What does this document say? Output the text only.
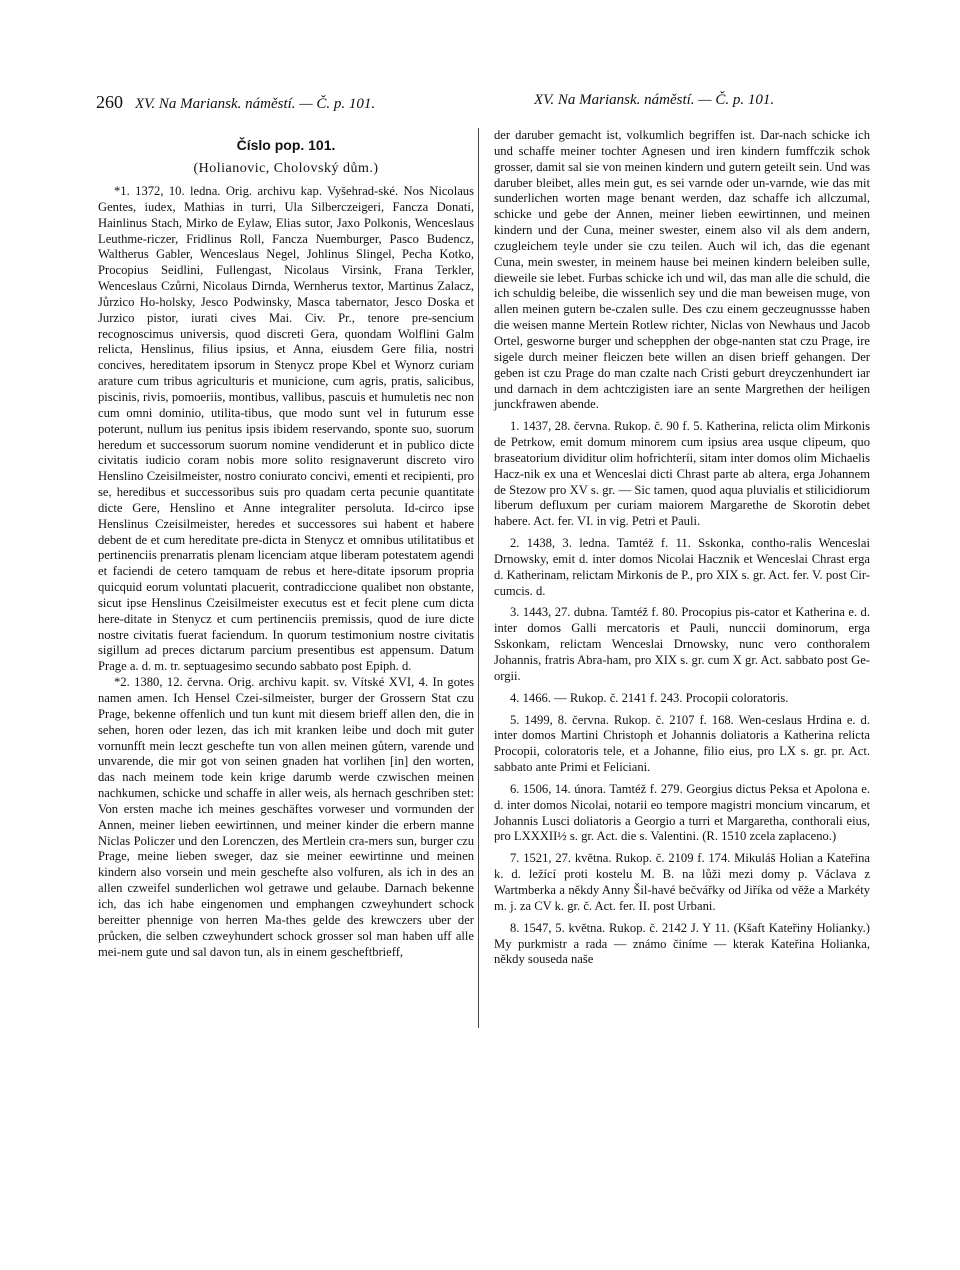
260 XV. Na Mariansk. náměstí. — Č. p. 101.	XV. Na Mariansk. náměstí. — Č. p. 101.
Číslo pop. 101.
(Holianovic, Cholovský dům.)

*1. 1372, 10. ledna. Orig. archivu kap. Vyšehrad-ské. Nos Nicolaus Gentes, iudex, Mathias in turri, Ula Silberczeigeri, Fancza Donati, Hainlinus Stach, Mirko de Eylaw, Elias sutor, Jaxo Polkonis, Wenceslaus Leuthme-riczer, Fridlinus Roll, Fancza Nuemburger, Pasco Budencz, Waltherus Gabler, Wenceslaus Negel, Johlinus Slingel, Pecha Kotko, Procopius Seidlini, Fullengast, Nicolaus Virsink, Frana Terkler, Wenceslaus Czůrni, Nicolaus Dirnda, Wernherus textor, Martinus Zalacz, Jůrzico Ho-holsky, Jesco Podwinsky, Masca tabernator, Jesco Doska et Jurzico pistor, iurati cives Mai. Civ. Pr., tenore pre-sencium recognoscimus universis, quod discreti Gera, quondam Wolflini Galm relicta, Henslinus, filius ipsius, et Anna, eiusdem Gere filia, nostri concives, hereditatem ipsorum in Stenycz prope Kbel et Wynorz curiam arature cum tribus agriculturis et municione, cum agris, pratis, salicibus, piscinis, rivis, pomoeriis, montibus, vallibus, pascuis et humuletis nec non cum omni dominio, utilita-tibus, que modo sunt vel in futurum esse poterunt, nullum ius penitus ipsis ibidem reservando, sponte suo, suorum heredum et successorum suorum nomine vendiderunt et in publico dicte civitatis iudicio coram nobis more solito resignaverunt discreto viro Henslino Czeisilmeister, nostro coniurato concivi, ementi et recipienti, pro se, heredibus et successoribus suis pro quadam certa pecunie quantitate dicte Gere, Henslino et Anne integraliter persoluta. Id-circo ipse Henslinus Czeisilmeister, heredes et successores sui habent et habere debent de et cum hereditate pre-dicta in Stenycz et omnibus utilitatibus et pertinenciis prenarratis plenam licenciam atque liberam potestatem agendi et faciendi de cetero tamquam de rebus et here-ditate ipsorum propria quicquid eorum voluntati placuerit, contradiccione qualibet non obstante, sicut ipse Henslinus Czeisilmeister executus est et fecit plene cum dicta here-ditate in Stenycz et cum pertinenciis premissis, quod de iure dicte nostre civitatis fuerat faciendum. In quorum testimonium nostre civitatis sigillum ad preces dictarum parcium presentibus est appensum. Datum Prage a. d. m. tr. septuagesimo secundo sabbato post Epiph. d.

*2. 1380, 12. června. Orig. archivu kapit. sv. Vítské XVI, 4. In gotes namen amen. Ich Hensel Czei-silmeister, burger der Grossern Stat czu Prage, bekenne offenlich und tun kunt mit diesem brieff allen den, die in sehen, horen oder lezen, das ich mit kranken leibe und doch mit guter vornunfft mein leczt geschefte tun von allen meinen gůtern, varende und unvarende, die mir got von seinen gnaden hat vorlihen [in] den worten, das nach meinem tode kein krige darumb werde czwischen meinen nachkumen, schicke und schaffe in aller weis, als hernach geschriben stet: Von ersten mache ich meines geschäftes vorweser und vormunden der Annen, meiner lieben eewirtinnen, und meiner kinder die erbern manne Niclas Policzer und den Lorenczen, des Mertlein cra-mers sun, burger czu Prage, meine lieben sweger, daz sie meiner eewirtinne und meinen kindern also vorsein und mein geschefte also volfuren, als ich in des an allen czweifel sunderlichen wol getrawe und gelaube. Darnach bekenne ich, das ich habe eingenomen und emphangen czweyhundert schock bereitter phennige von herren Ma-thes gelde des krewczers uber der průcken, die selben czweyhundert schock grosser sol man haben uff alle mei-nem gute und sal davon tun, als in einem gescheftbrieff,

der daruber gemacht ist, volkumlich begriffen ist. Dar-nach schicke ich und schaffe meiner tochter Agnesen und iren kindern fumffczik schok grosser, damit sal sie von meinen kindern und gutern geteilt sein. Und was daruber bleibet, alles mein gut, es sei varnde oder un-varnde, wie das mit sunderlichen worten mage benant werden, daz schaffe ich allczumal, schicke und gebe der Annen, meiner lieben eewirtinnen, und meinen kindern und der Cuna, meiner swester, einem also vil als dem andern, czugleichem teyle under sie czu teilen. Auch wil ich, das die egenant Cuna, mein swester, in meinem hause bei meinen kindern beleiben sulle, dieweile sie lebet. Furbas schicke ich und wil, das man alle die schuld, die ich schuldig beleibe, die wissenlich sey und die man beweisen muge, von allen meinen gutern be-czalen sulle. Des czu einem geczeugnussse haben die weisen manne Mertein Rotlew richter, Niclas von Newhaus und Jacob Ortel, gesworne burger und schepphen der obge-nanten stat czu Prage, ire sigele durch meiner fleiczen bete willen an disen brieff gehangen. Der geben ist czu Prage do man czalte nach Cristi geburt dreyczenhundert iar und darnach in dem achtczigisten iare an sente Margrethen der heiligen junckfrawen abende.

1. 1437, 28. června. Rukop. č. 90 f. 5. Katherina, relicta olim Mirkonis de Petrkow, emit domum minorem cum ipsius area usque clipeum, quo braseatorium dividitur olim hofrichteríi, sitam inter domos olim Michaelis Hacz-nik ex una et Wenceslai dicti Chrast parte ab altera, erga Johannem de Stezow pro XV s. gr. — Sic tamen, quod aqua pluvialis et stilicidiorum liberum defluxum per curiam maiorem Margarethe de Skorotin debet habere. Act. fer. VI. in vig. Petri et Pauli.

2. 1438, 3. ledna. Tamtéž f. 11. Sskonka, contho-ralis Wenceslai Drnowsky, emit d. inter domos Nicolai Hacznik et Wenceslai Chrast erga d. Katherinam, relictam Mirkonis de P., pro XIX s. gr. Act. fer. V. post Cir-cumcis. d.

3. 1443, 27. dubna. Tamtéž f. 80. Procopius pis-cator et Katherina e. d. inter domos Galli mercatoris et Pauli, nunccii dominorum, erga Sskonkam, relictam Wenceslai Drnowsky, nunc vero conthoralem Johannis, fratris Abra-ham, pro XIX s. gr. cum X gr. Act. sabbato post Ge-orgii.

4. 1466. — Rukop. č. 2141 f. 243. Procopii coloratoris.

5. 1499, 8. června. Rukop. č. 2107 f. 168. Wen-ceslaus Hrdina e. d. inter domos Martini Christoph et Johannis doliatoris a Katherina relicta Procopii, coloratoris tele, et a Johanne, filio eius, pro LX s. gr. pr. Act. sabbato ante Primi et Feliciani.

6. 1506, 14. února. Tamtéž f. 279. Georgius dictus Peksa et Apolona e. d. inter domos Nicolai, notarii eo tempore magistri moncium vincarum, et Johannis Lusci doliatoris a Georgio a turri et Margaretha, conthorali eius, pro LXXXII½ s. gr. Act. die s. Valentini. (R. 1510 zcela zaplaceno.)

7. 1521, 27. května. Rukop. č. 2109 f. 174. Mikuláš Holian a Kateřina k. d. ležící proti kostelu M. B. na lůži mezi domy p. Václava z Wartmberka a někdy Anny Šil-havé bečvářky od Jiříka od věže a Markéty m. j. za CV k. gr. č. Act. fer. II. post Urbani.

8. 1547, 5. května. Rukop. č. 2142 J. Y 11. (Kšaft Kateřiny Holianky.) My purkmistr a rada — známo činíme — kterak Kateřina Holianka, někdy souseda naše
